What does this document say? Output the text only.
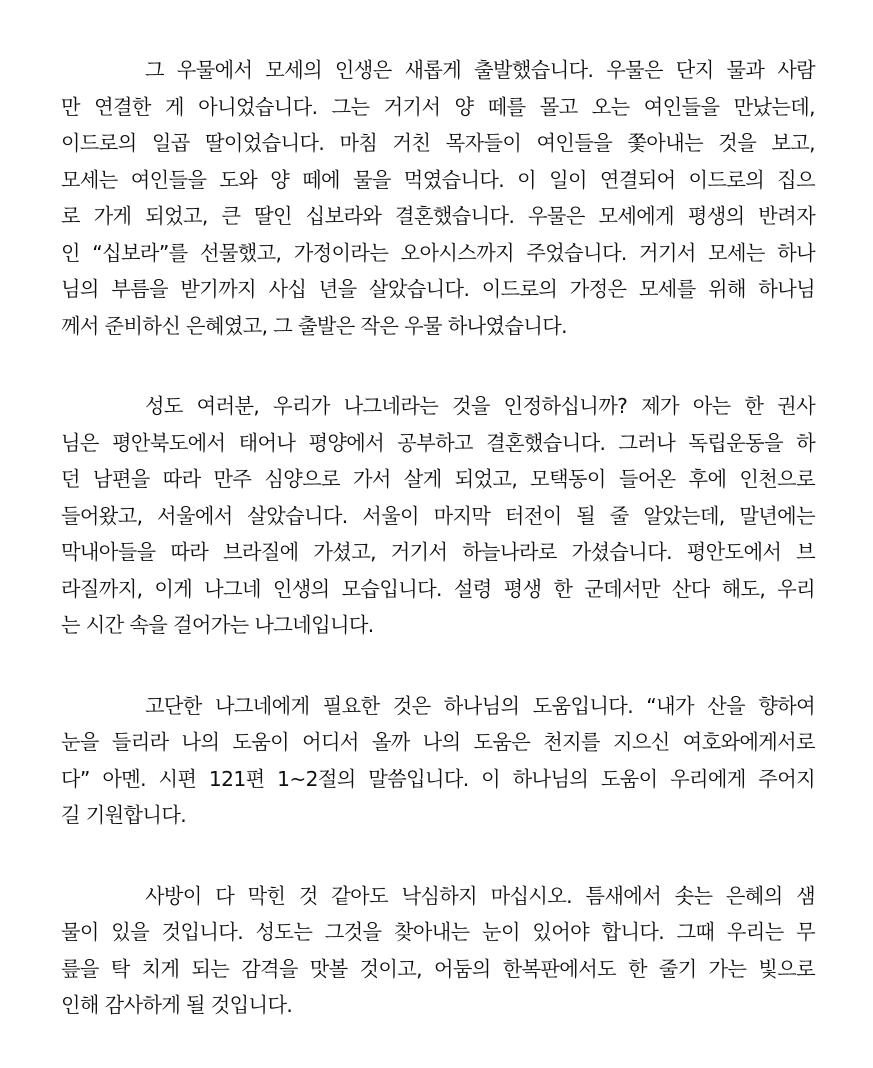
그 우물에서 모세의 인생은 새롭게 출발했습니다. 우물은 단지 물과 사람
만 연결한 게 아니었습니다. 그는 거기서 양 떼를 몰고 오는 여인들을 만났는데,
이드로의 일곱 딸이었습니다. 마침 거친 목자들이 여인들을 쫓아내는 것을 보고,
모세는 여인들을 도와 양 떼에 물을 먹였습니다. 이 일이 연결되어 이드로의 집으
로 가게 되었고, 큰 딸인 십보라와 결혼했습니다. 우물은 모세에게 평생의 반려자
인 “십보라”를 선물했고, 가정이라는 오아시스까지 주었습니다. 거기서 모세는 하나
님의 부름을 받기까지 사십 년을 살았습니다. 이드로의 가정은 모세를 위해 하나님
께서 준비하신 은혜였고, 그 출발은 작은 우물 하나였습니다.

성도 여러분, 우리가 나그네라는 것을 인정하십니까? 제가 아는 한 권사
님은 평안북도에서 태어나 평양에서 공부하고 결혼했습니다. 그러나 독립운동을 하
던 남편을 따라 만주 심양으로 가서 살게 되었고, 모택동이 들어온 후에 인천으로
들어왔고, 서울에서 살았습니다. 서울이 마지막 터전이 될 줄 알았는데, 말년에는
막내아들을 따라 브라질에 가셨고, 거기서 하늘나라로 가셨습니다. 평안도에서 브
라질까지, 이게 나그네 인생의 모습입니다. 설령 평생 한 군데서만 산다 해도, 우리
는 시간 속을 걸어가는 나그네입니다.

고단한 나그네에게 필요한 것은 하나님의 도움입니다. “내가 산을 향하여
눈을 들리라 나의 도움이 어디서 올까 나의 도움은 천지를 지으신 여호와에게서로
다” 아멘. 시편 121편 1~2절의 말씀입니다. 이 하나님의 도움이 우리에게 주어지
길 기원합니다.

사방이 다 막힌 것 같아도 낙심하지 마십시오. 틈새에서 솟는 은혜의 샘
물이 있을 것입니다. 성도는 그것을 찾아내는 눈이 있어야 합니다. 그때 우리는 무
릎을 탁 치게 되는 감격을 맛볼 것이고, 어둠의 한복판에서도 한 줄기 가는 빛으로
인해 감사하게 될 것입니다.
